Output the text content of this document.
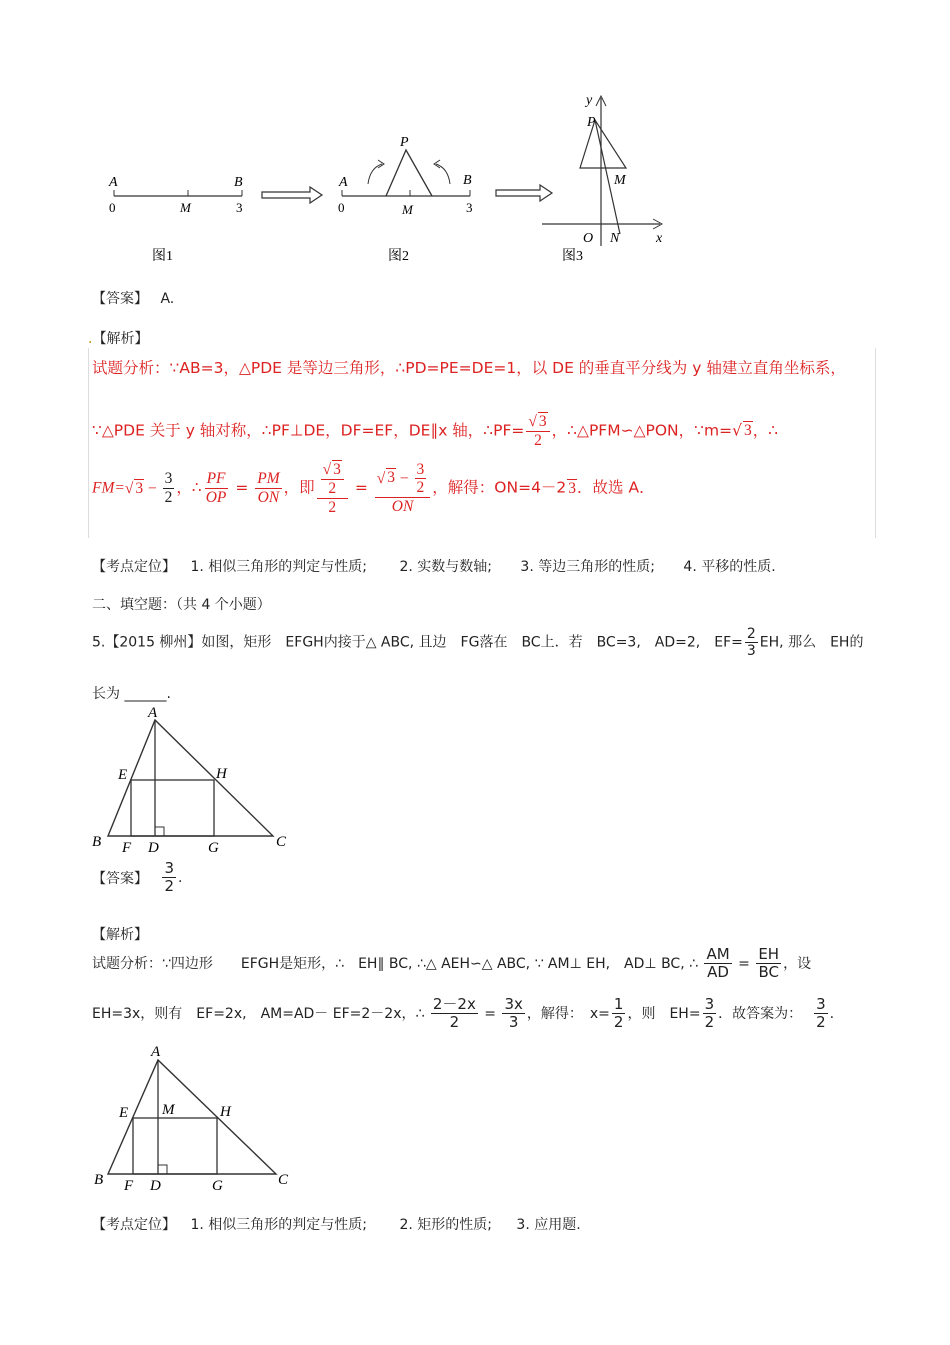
A	B
0	M	3
图1
P
A	B
0	M	3
图2
y
P
M
O N	x
图3
【答案】 A.
.【解析】
试题分析：∵AB=3，△PDE 是等边三角形，∴PD=PE=DE=1，以 DE 的垂直平分线为 y 轴建立直角坐标系，
∵△PDE 关于 y 轴对称，∴PF⊥DE，DF=EF，DE∥x 轴，∴PF= $\frac{√ 3}{2}$ ，∴△PFM∽△PON，∵m=√ 3，∴
FM=√ $3 - \frac{3}{2}$ ，∴ $\frac{PF}{OP} = \frac{PM}{ON}$ ，即 $\frac{\frac{√ 3}{2}}{2} = \frac{√ 3 - \frac{3}{2}}{ON}$ ，解得：ON=4－2 3．故选 A．
【考点定位】 1. 相似三角形的判定与性质; 2. 实数与数轴; 3. 等边三角形的性质; 4. 平移的性质.
二、填空题：（共 4 个小题）
5.【2015 柳州】如图，矩形　EFGH内接于△ ABC, 且边　FG落在　BC上．若　BC=3,　AD=2,　$EF= \frac{2}{3}$ EH, 那么　EH的
长为 ______.
A
E	H
B F D	G	C
【答案】 $\frac{3}{2}$ .
【解析】
试题分析：∵四边形　　EFGH是矩形，∴　EH∥ BC, ∴△ AEH∽△ ABC, ∵ AM⊥ EH,　AD⊥ BC, ∴ $\frac{AM}{AD} = \frac{EH}{BC}$ ，设
EH=3x，则有　EF=2x,　AM=AD－ EF=2－2x，∴ $\frac{2-2x}{2} = \frac{3x}{3}$ ，解得：　$x= \frac{1}{2}$ ，则　$EH= \frac{3}{2}$ ．故答案为： $\frac{3}{2}$ .
A
E M	H
B F D	G	C
【考点定位】 1. 相似三角形的判定与性质; 2. 矩形的性质; 3. 应用题.
